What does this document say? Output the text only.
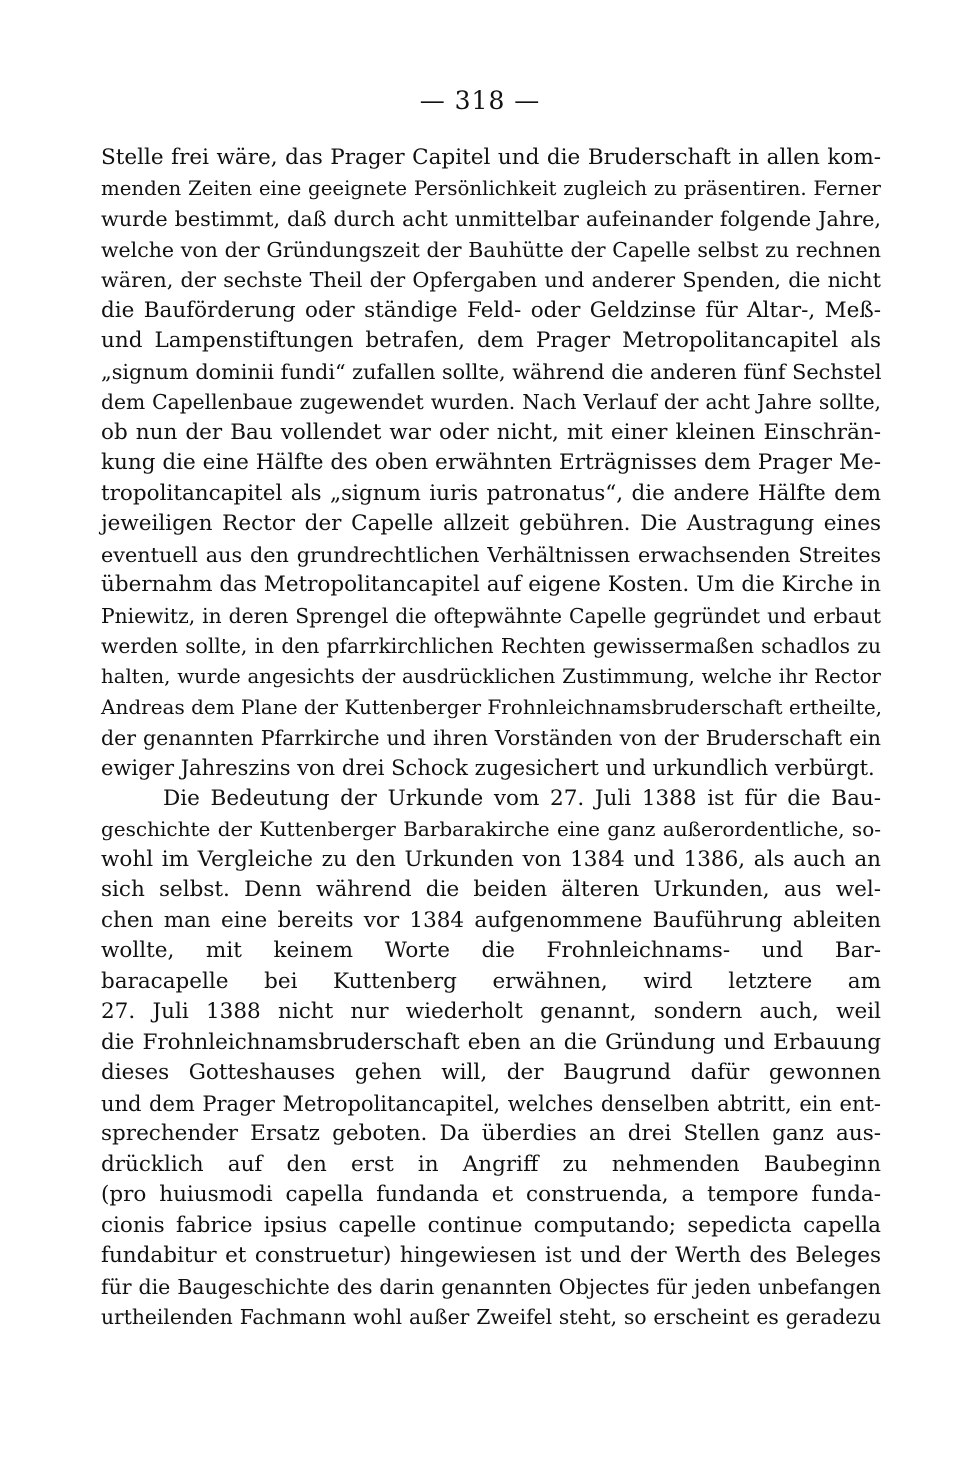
— 318 —
Stelle frei wäre, das Prager Capitel und die Bruderschaft in allen kom-
menden Zeiten eine geeignete Persönlichkeit zugleich zu präsentiren. Ferner
wurde bestimmt, daß durch acht unmittelbar aufeinander folgende Jahre,
welche von der Gründungszeit der Bauhütte der Capelle selbst zu rechnen
wären, der sechste Theil der Opfergaben und anderer Spenden, die nicht
die Bauförderung oder ständige Feld- oder Geldzinse für Altar-, Meß-
und Lampenstiftungen betrafen, dem Prager Metropolitancapitel als
„signum dominii fundi“ zufallen sollte, während die anderen fünf Sechstel
dem Capellenbaue zugewendet wurden. Nach Verlauf der acht Jahre sollte,
ob nun der Bau vollendet war oder nicht, mit einer kleinen Einschrän-
kung die eine Hälfte des oben erwähnten Erträgnisses dem Prager Me-
tropolitancapitel als „signum iuris patronatus“, die andere Hälfte dem
jeweiligen Rector der Capelle allzeit gebühren. Die Austragung eines
eventuell aus den grundrechtlichen Verhältnissen erwachsenden Streites
übernahm das Metropolitancapitel auf eigene Kosten. Um die Kirche in
Pniewitz, in deren Sprengel die oftерwähnte Capelle gegründet und erbaut
werden sollte, in den pfarrkirchlichen Rechten gewissermaßen schadlos zu
halten, wurde angesichts der ausdrücklichen Zustimmung, welche ihr Rector
Andreas dem Plane der Kuttenberger Frohnleichnamsbruderschaft ertheilte,
der genannten Pfarrkirche und ihren Vorständen von der Bruderschaft ein
ewiger Jahreszins von drei Schock zugesichert und urkundlich verbürgt.
Die Bedeutung der Urkunde vom 27. Juli 1388 ist für die Bau-
geschichte der Kuttenberger Barbarakirche eine ganz außerordentliche, so-
wohl im Vergleiche zu den Urkunden von 1384 und 1386, als auch an
sich selbst. Denn während die beiden älteren Urkunden, aus wel-
chen man eine bereits vor 1384 aufgenommene Bauführung ableiten
wollte, mit keinem Worte die Frohnleichnams- und Bar-
baracapelle bei Kuttenberg erwähnen, wird letztere am
27. Juli 1388 nicht nur wiederholt genannt, sondern auch, weil
die Frohnleichnamsbruderschaft eben an die Gründung und Erbauung
dieses Gotteshauses gehen will, der Baugrund dafür gewonnen
und dem Prager Metropolitancapitel, welches denselben abtritt, ein ent-
sprechender Ersatz geboten. Da überdies an drei Stellen ganz aus-
drücklich auf den erst in Angriff zu nehmenden Baubeginn
(pro huiusmodi capella fundanda et construenda, a tempore funda-
cionis fabrice ipsius capelle continue computando; sepedicta capella
fundabitur et construetur) hingewiesen ist und der Werth des Beleges
für die Baugeschichte des darin genannten Objectes für jeden unbefangen
urtheilenden Fachmann wohl außer Zweifel steht, so erscheint es geradezu
